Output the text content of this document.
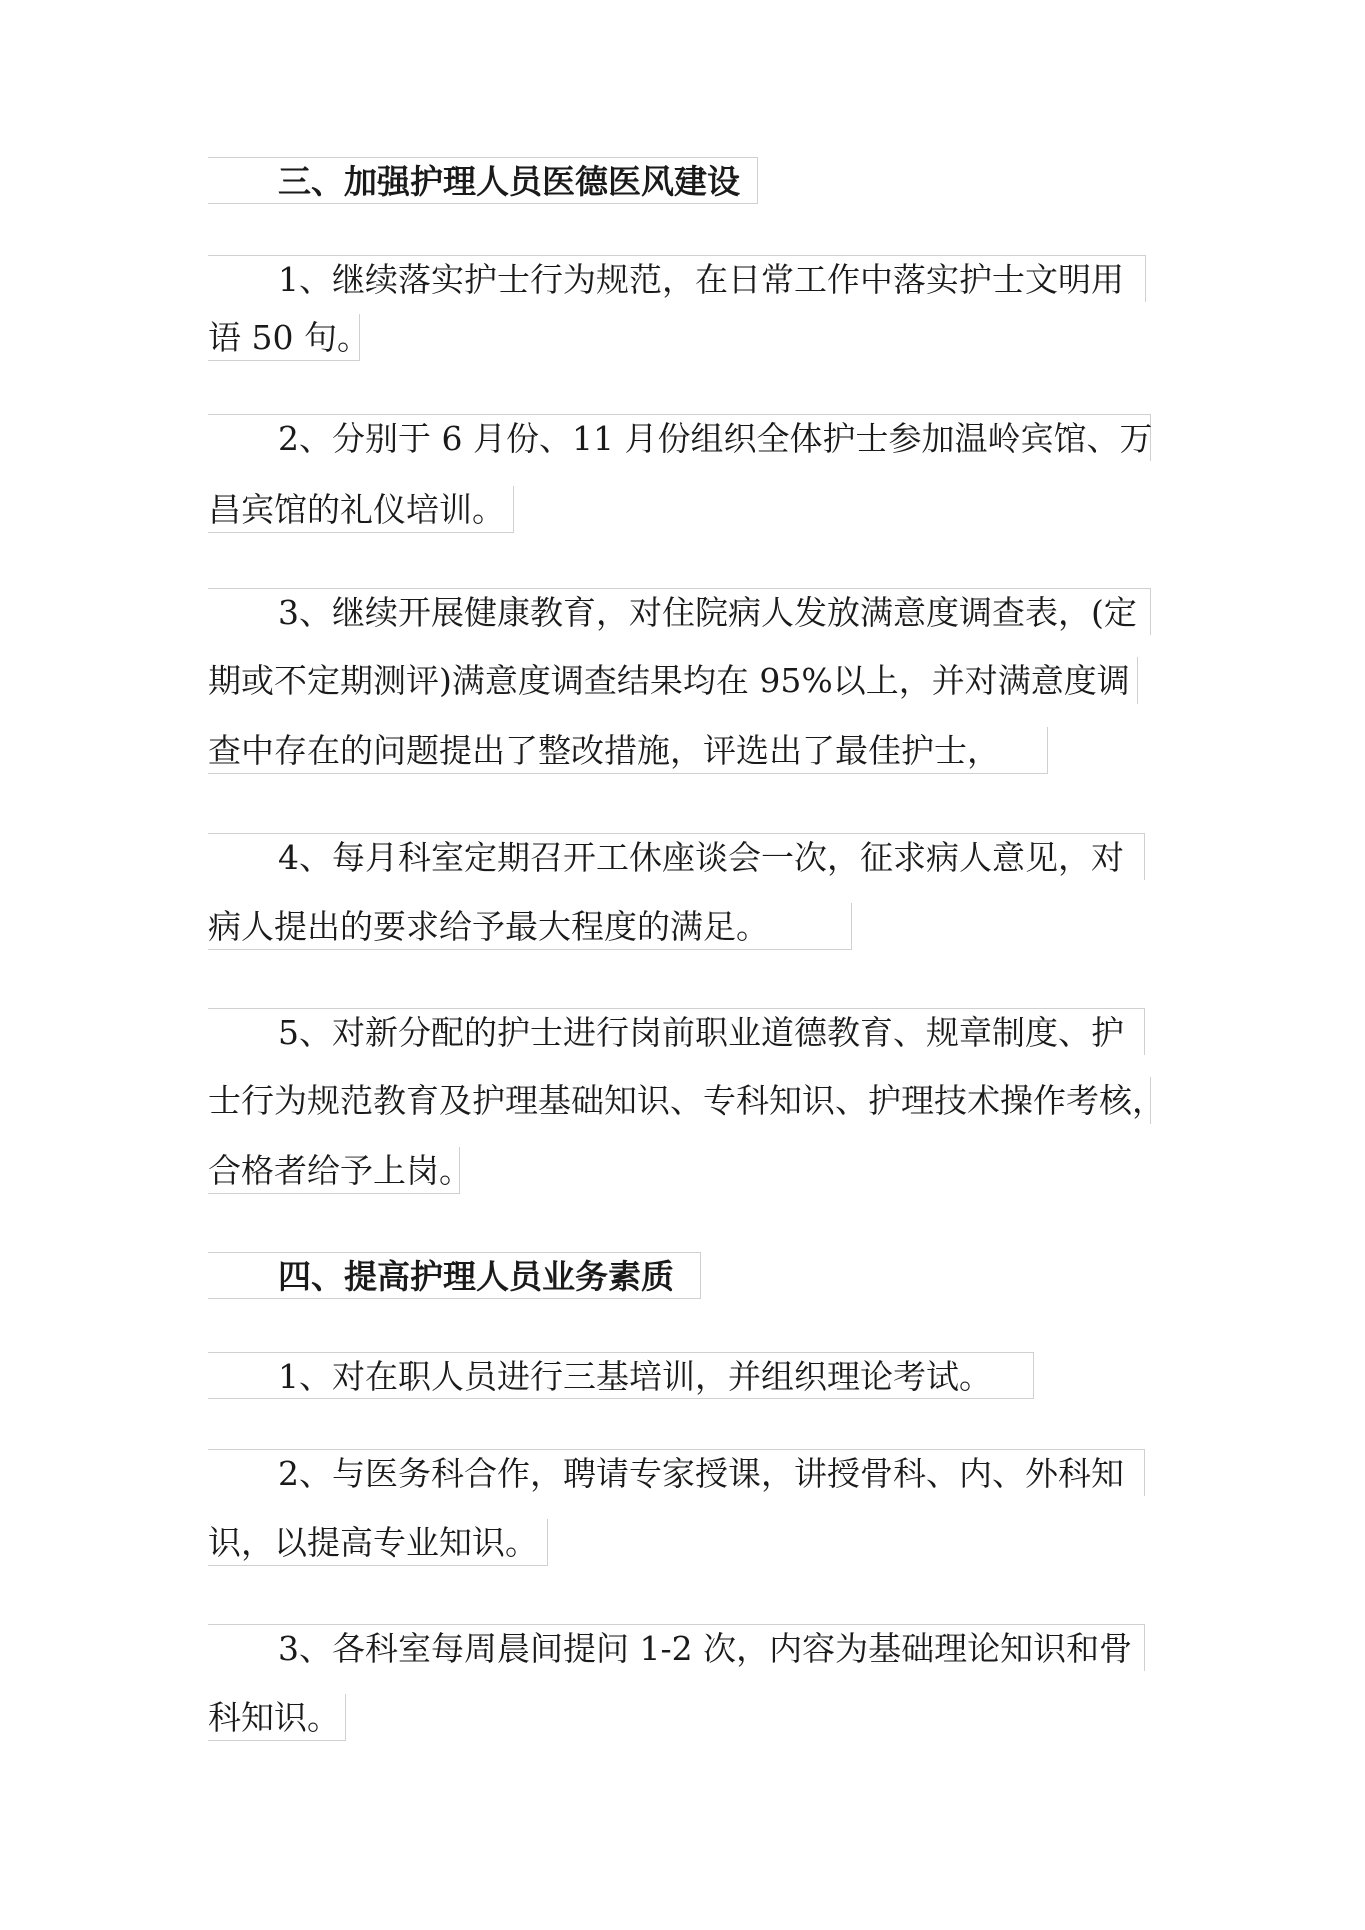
三、加强护理人员医德医风建设
1、继续落实护士行为规范，在日常工作中落实护士文明用
语 50 句。
2、分别于 6 月份、11 月份组织全体护士参加温岭宾馆、万
昌宾馆的礼仪培训。
3、继续开展健康教育，对住院病人发放满意度调查表，(定
期或不定期测评)满意度调查结果均在 95%以上，并对满意度调
查中存在的问题提出了整改措施，评选出了最佳护士，
4、每月科室定期召开工休座谈会一次，征求病人意见，对
病人提出的要求给予最大程度的满足。
5、对新分配的护士进行岗前职业道德教育、规章制度、护
士行为规范教育及护理基础知识、专科知识、护理技术操作考核，
合格者给予上岗。
四、提高护理人员业务素质
1、对在职人员进行三基培训，并组织理论考试。
2、与医务科合作，聘请专家授课，讲授骨科、内、外科知
识，以提高专业知识。
3、各科室每周晨间提问 1-2 次，内容为基础理论知识和骨
科知识。
